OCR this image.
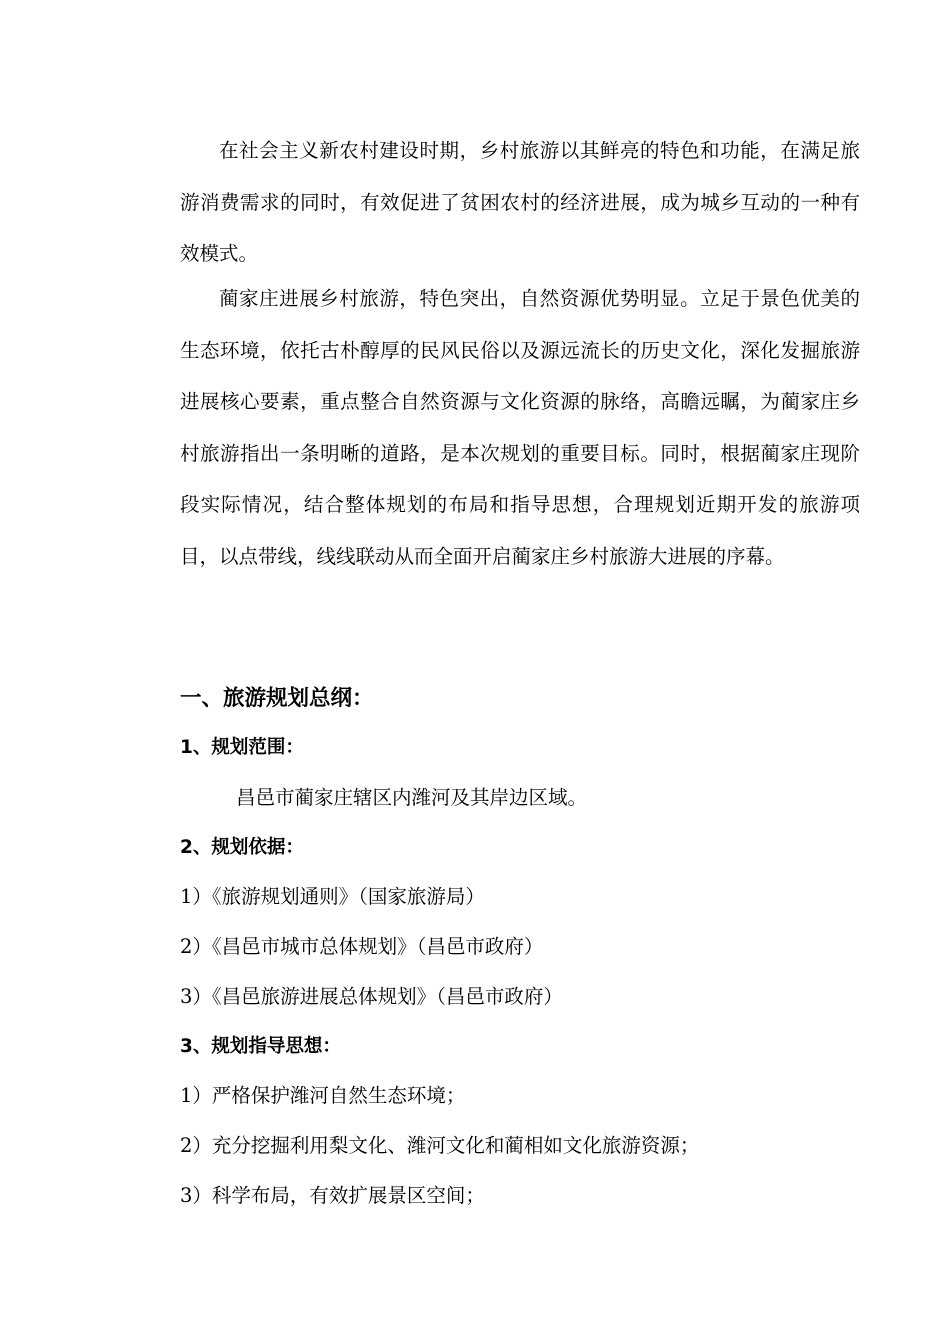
在社会主义新农村建设时期，乡村旅游以其鲜亮的特色和功能，在满足旅游消费需求的同时，有效促进了贫困农村的经济进展，成为城乡互动的一种有效模式。

蔺家庄进展乡村旅游，特色突出，自然资源优势明显。立足于景色优美的生态环境，依托古朴醇厚的民风民俗以及源远流长的历史文化，深化发掘旅游进展核心要素，重点整合自然资源与文化资源的脉络，高瞻远瞩，为蔺家庄乡村旅游指出一条明晰的道路，是本次规划的重要目标。同时，根据蔺家庄现阶段实际情况，结合整体规划的布局和指导思想，合理规划近期开发的旅游项目，以点带线，线线联动从而全面开启蔺家庄乡村旅游大进展的序幕。

一、旅游规划总纲：
1、规划范围：
昌邑市蔺家庄辖区内潍河及其岸边区域。
2、规划依据：
1）《旅游规划通则》（国家旅游局）
2）《昌邑市城市总体规划》（昌邑市政府）
3）《昌邑旅游进展总体规划》（昌邑市政府）
3、规划指导思想：
1）严格保护潍河自然生态环境；
2）充分挖掘利用梨文化、潍河文化和蔺相如文化旅游资源；
3）科学布局，有效扩展景区空间；
